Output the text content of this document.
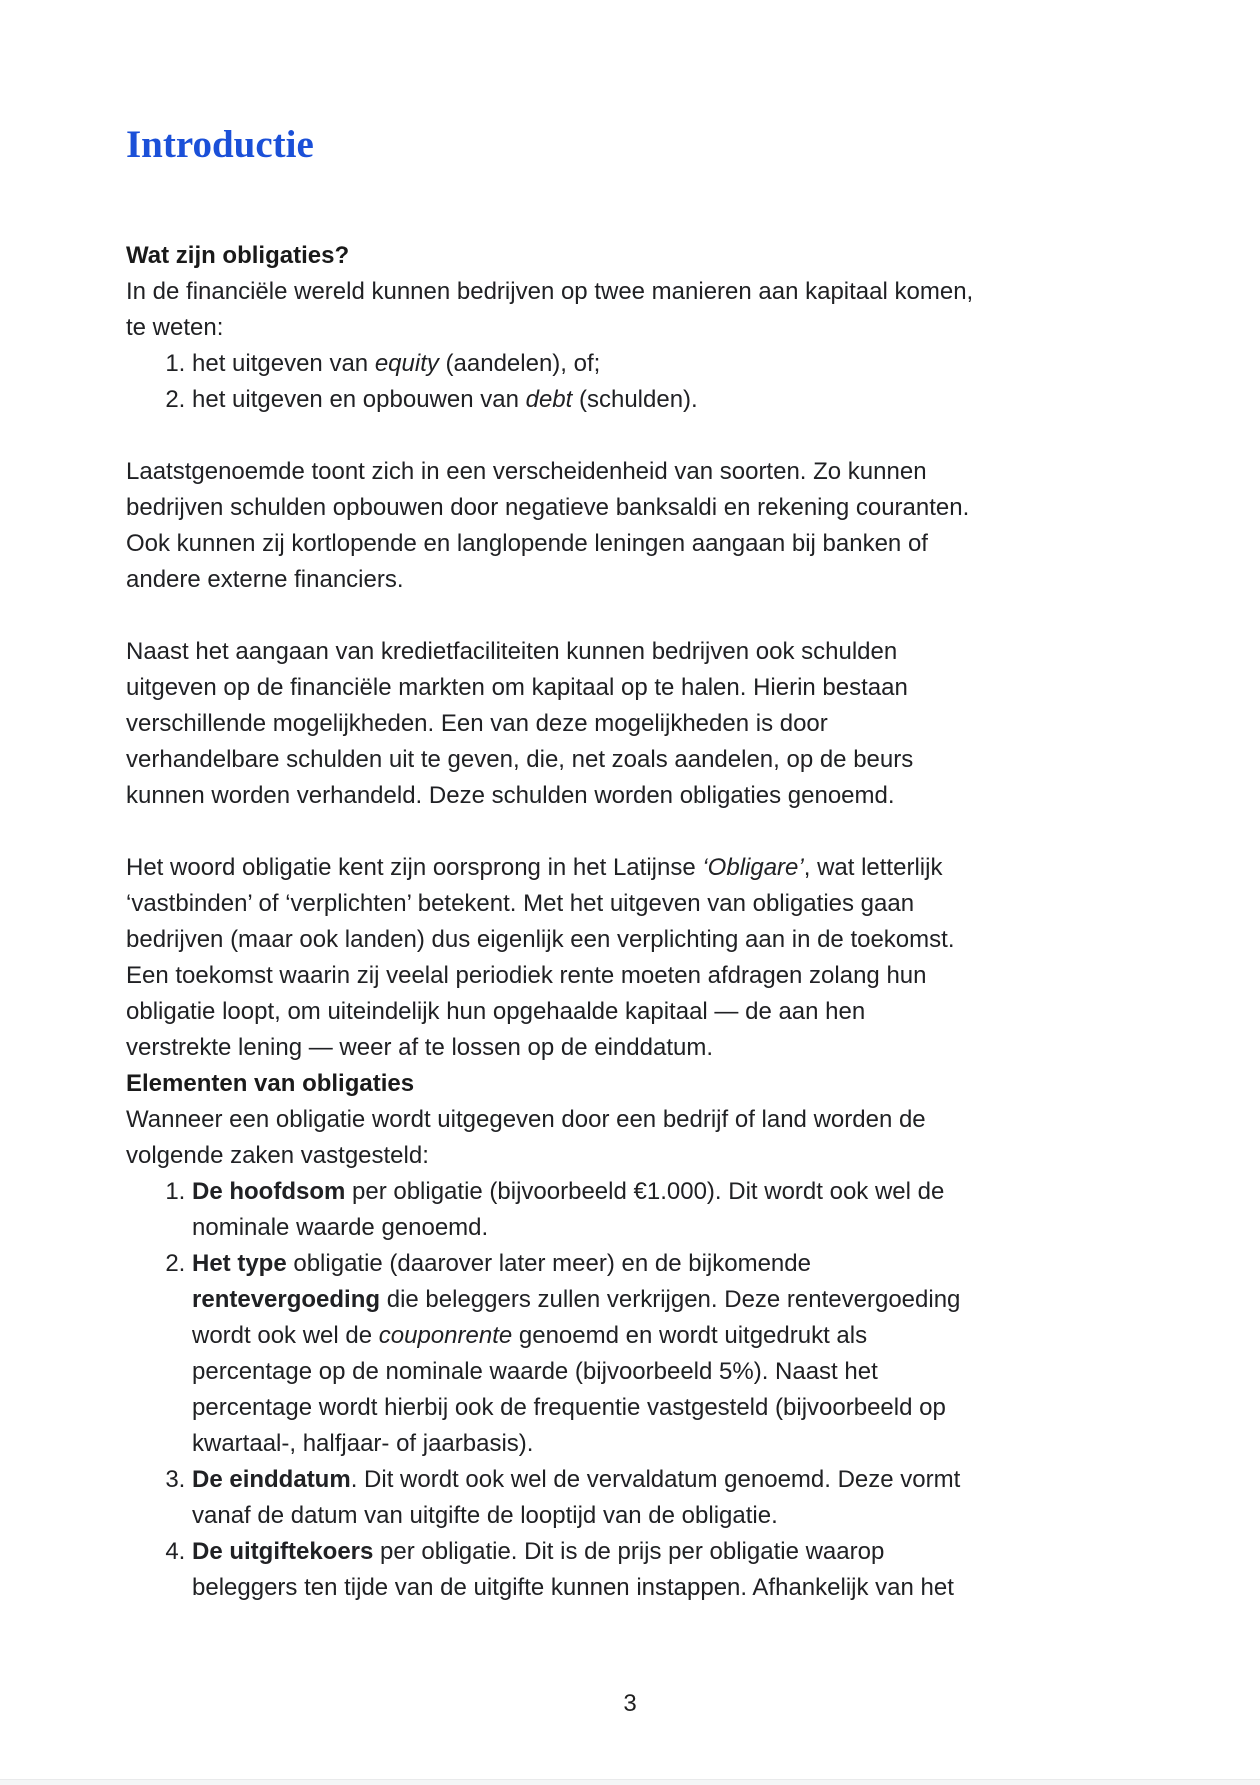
Introductie
Wat zijn obligaties?

In de financiële wereld kunnen bedrijven op twee manieren aan kapitaal komen,
te weten:

1. het uitgeven van equity (aandelen), of;
2. het uitgeven en opbouwen van debt (schulden).

Laatstgenoemde toont zich in een verscheidenheid van soorten. Zo kunnen
bedrijven schulden opbouwen door negatieve banksaldi en rekening couranten.
Ook kunnen zij kortlopende en langlopende leningen aangaan bij banken of
andere externe financiers.

Naast het aangaan van kredietfaciliteiten kunnen bedrijven ook schulden
uitgeven op de financiële markten om kapitaal op te halen. Hierin bestaan
verschillende mogelijkheden. Een van deze mogelijkheden is door
verhandelbare schulden uit te geven, die, net zoals aandelen, op de beurs
kunnen worden verhandeld. Deze schulden worden obligaties genoemd.

Het woord obligatie kent zijn oorsprong in het Latijnse ‘Obligare’, wat letterlijk
‘vastbinden’ of ‘verplichten’ betekent. Met het uitgeven van obligaties gaan
bedrijven (maar ook landen) dus eigenlijk een verplichting aan in de toekomst.
Een toekomst waarin zij veelal periodiek rente moeten afdragen zolang hun
obligatie loopt, om uiteindelijk hun opgehaalde kapitaal — de aan hen
verstrekte lening — weer af te lossen op de einddatum.

Elementen van obligaties

Wanneer een obligatie wordt uitgegeven door een bedrijf of land worden de
volgende zaken vastgesteld:

1. De hoofdsom per obligatie (bijvoorbeeld €1.000). Dit wordt ook wel de
nominale waarde genoemd.
2. Het type obligatie (daarover later meer) en de bijkomende
rentevergoeding die beleggers zullen verkrijgen. Deze rentevergoeding
wordt ook wel de couponrente genoemd en wordt uitgedrukt als
percentage op de nominale waarde (bijvoorbeeld 5%). Naast het
percentage wordt hierbij ook de frequentie vastgesteld (bijvoorbeeld op
kwartaal-, halfjaar- of jaarbasis).
3. De einddatum. Dit wordt ook wel de vervaldatum genoemd. Deze vormt
vanaf de datum van uitgifte de looptijd van de obligatie.
4. De uitgiftekoers per obligatie. Dit is de prijs per obligatie waarop
beleggers ten tijde van de uitgifte kunnen instappen. Afhankelijk van het
3
